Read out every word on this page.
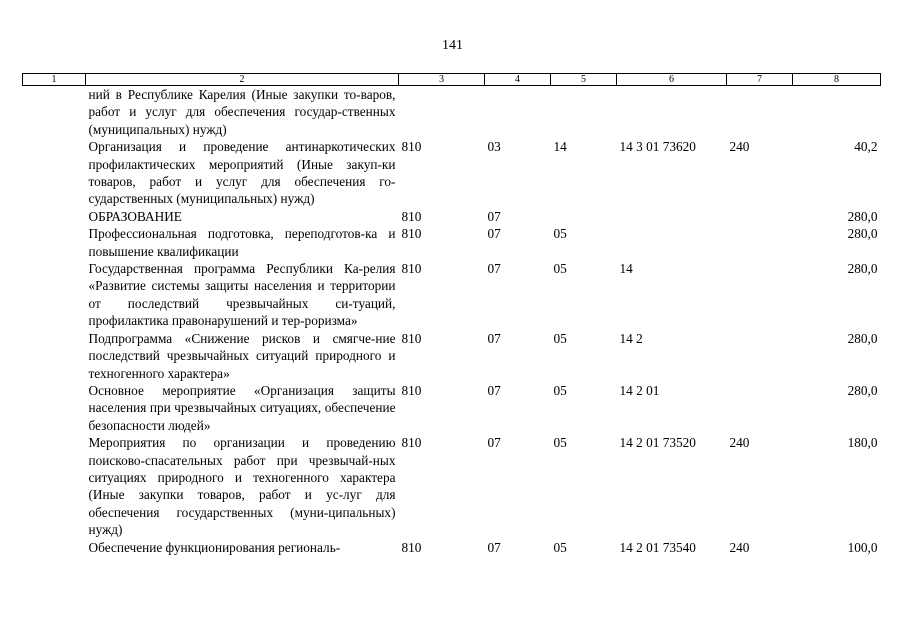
141
1	2	3	4	5	6	7	8
	ний в Республике Карелия (Иные закупки то-варов, работ и услуг для обеспечения государ-ственных (муниципальных) нужд)						
	Организация и проведение антинаркотических профилактических мероприятий (Иные закуп-ки товаров, работ и услуг для обеспечения го-сударственных (муниципальных) нужд)	810	03	14	14 3 01 73620	240	40,2
	ОБРАЗОВАНИЕ	810	07				280,0
	Профессиональная подготовка, переподготов-ка и повышение квалификации	810	07	05			280,0
	Государственная программа Республики Ка-релия «Развитие системы защиты населения и территории от последствий чрезвычайных си-туаций, профилактика правонарушений и тер-роризма»	810	07	05	14		280,0
	Подпрограмма «Снижение рисков и смягче-ние последствий чрезвычайных ситуаций природного и техногенного характера»	810	07	05	14 2		280,0
	Основное мероприятие «Организация защиты населения при чрезвычайных ситуациях, обеспечение безопасности людей»	810	07	05	14 2 01		280,0
	Мероприятия по организации и проведению поисково-спасательных работ при чрезвычай-ных ситуациях природного и техногенного характера (Иные закупки товаров, работ и ус-луг для обеспечения государственных (муни-ципальных) нужд)	810	07	05	14 2 01 73520	240	180,0
	Обеспечение функционирования региональ-	810	07	05	14 2 01 73540	240	100,0
